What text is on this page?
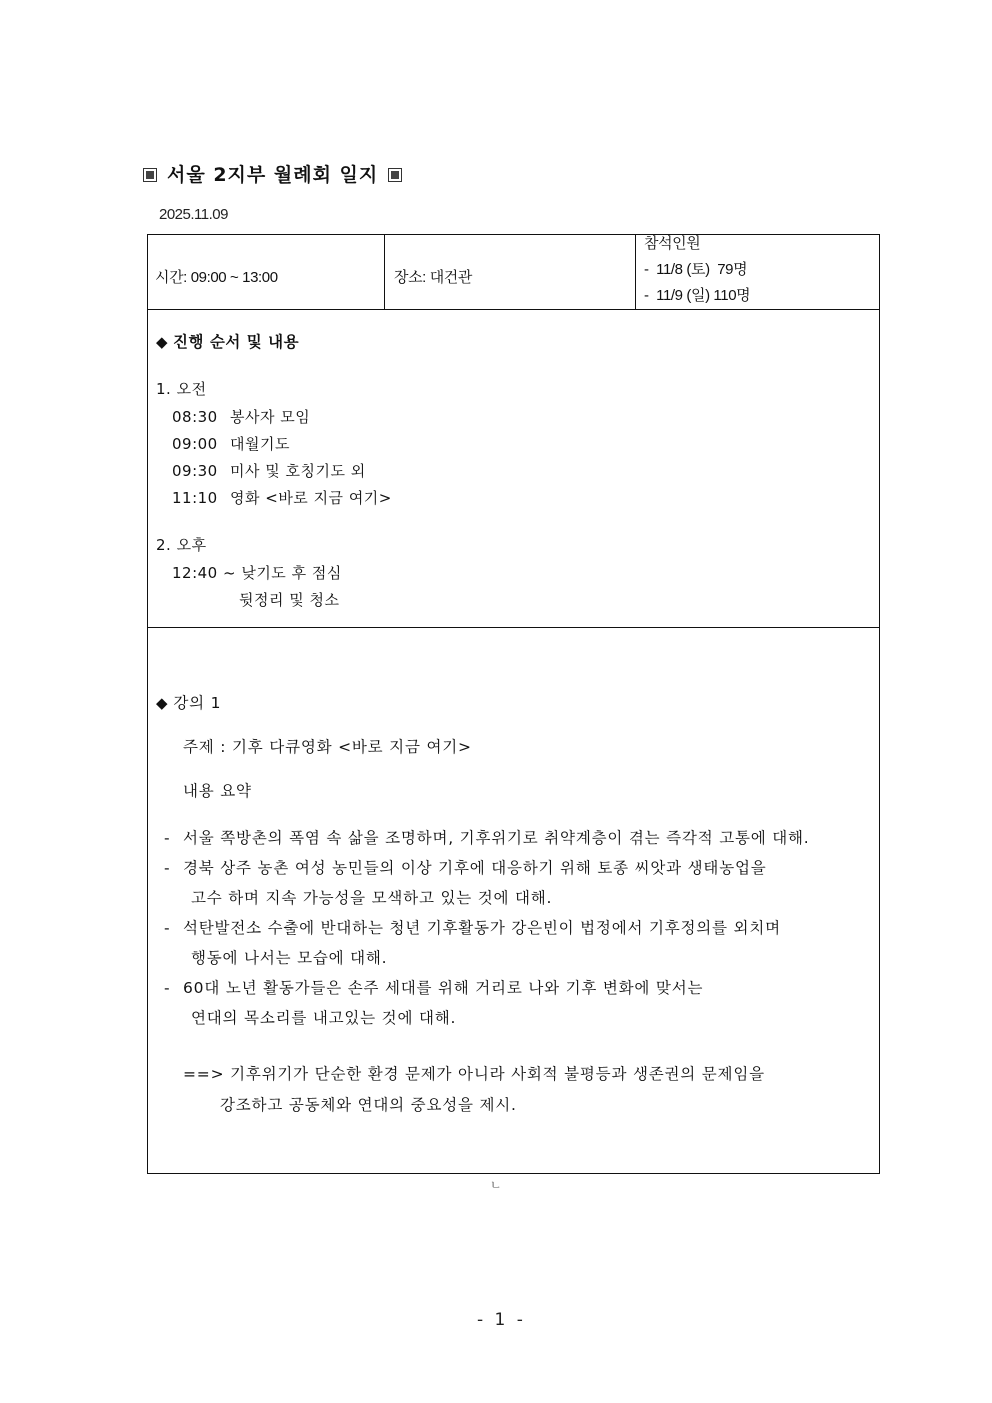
서울 2지부 월례회 일지
2025.11.09
시간: 09:00 ~ 13:00	장소: 대건관
참석인원
-  11/8 (토)  79명
-  11/9 (일) 110명
◆ 진행 순서 및 내용
1. 오전
08:30 봉사자 모임
09:00 대월기도
09:30 미사 및 호칭기도 외
11:10 영화 <바로 지금 여기>
2. 오후
12:40 ~ 낮기도 후 점심
뒷정리 및 청소
◆ 강의 1
주제 : 기후 다큐영화 <바로 지금 여기>
내용 요약
- 서울 쪽방촌의 폭염 속 삶을 조명하며, 기후위기로 취약계층이 겪는 즉각적 고통에 대해.
- 경북 상주 농촌 여성 농민들의 이상 기후에 대응하기 위해 토종 씨앗과 생태농업을
고수 하며 지속 가능성을 모색하고 있는 것에 대해.
- 석탄발전소 수출에 반대하는 청년 기후활동가 강은빈이 법정에서 기후정의를 외치며
행동에 나서는 모습에 대해.
- 60대 노년 활동가들은 손주 세대를 위해 거리로 나와 기후 변화에 맞서는
연대의 목소리를 내고있는 것에 대해.
==> 기후위기가 단순한 환경 문제가 아니라 사회적 불평등과 생존권의 문제임을
강조하고 공동체와 연대의 중요성을 제시.
ㄴ
- 1 -
